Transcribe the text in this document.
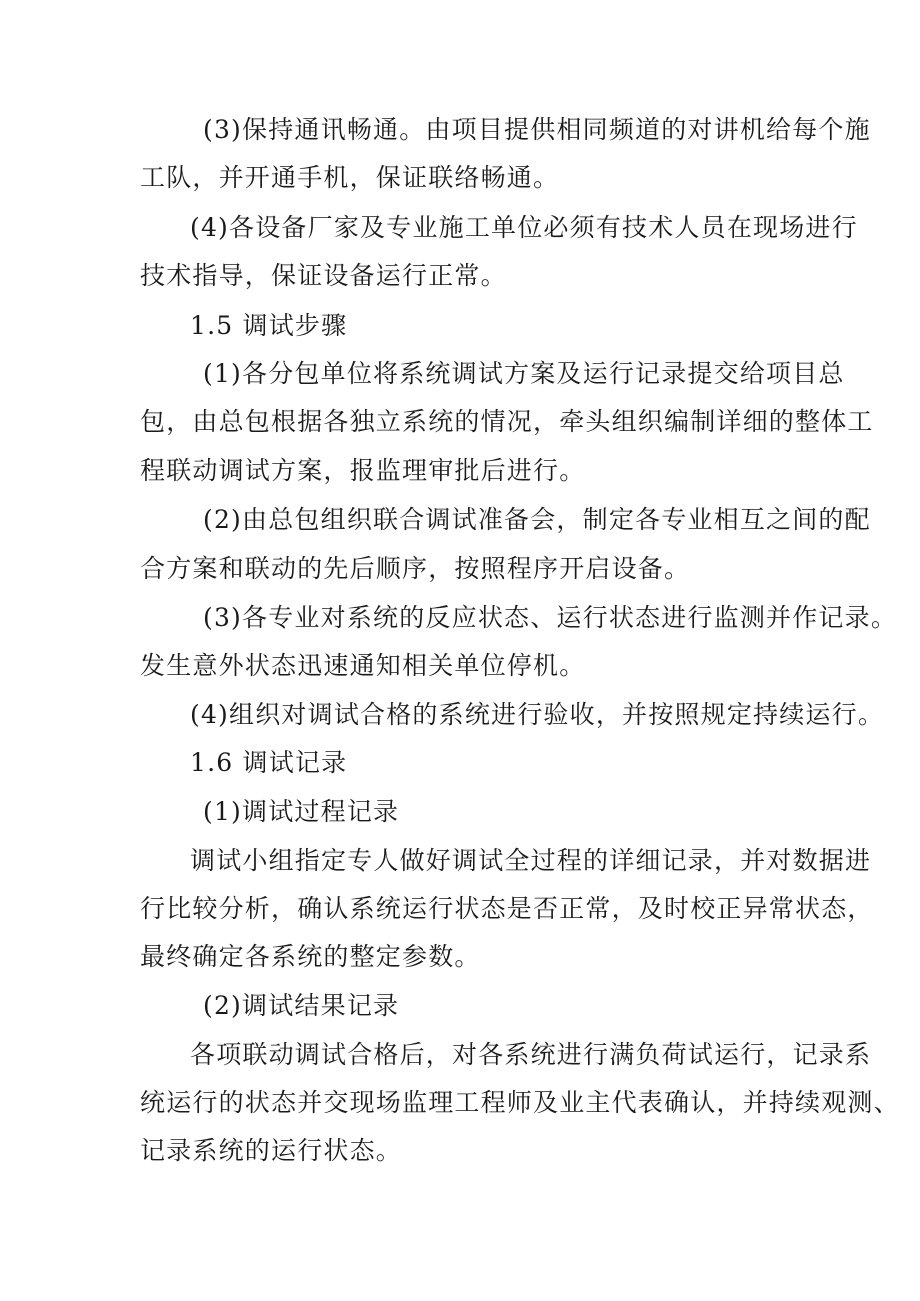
(3)保持通讯畅通。由项目提供相同频道的对讲机给每个施
工队，并开通手机，保证联络畅通。
(4)各设备厂家及专业施工单位必须有技术人员在现场进行
技术指导，保证设备运行正常。
1.5 调试步骤
(1)各分包单位将系统调试方案及运行记录提交给项目总
包，由总包根据各独立系统的情况，牵头组织编制详细的整体工
程联动调试方案，报监理审批后进行。
(2)由总包组织联合调试准备会，制定各专业相互之间的配
合方案和联动的先后顺序，按照程序开启设备。
(3)各专业对系统的反应状态、运行状态进行监测并作记录。
发生意外状态迅速通知相关单位停机。
(4)组织对调试合格的系统进行验收，并按照规定持续运行。
1.6 调试记录
(1)调试过程记录
调试小组指定专人做好调试全过程的详细记录，并对数据进
行比较分析，确认系统运行状态是否正常，及时校正异常状态，
最终确定各系统的整定参数。
(2)调试结果记录
各项联动调试合格后，对各系统进行满负荷试运行，记录系
统运行的状态并交现场监理工程师及业主代表确认，并持续观测、
记录系统的运行状态。
